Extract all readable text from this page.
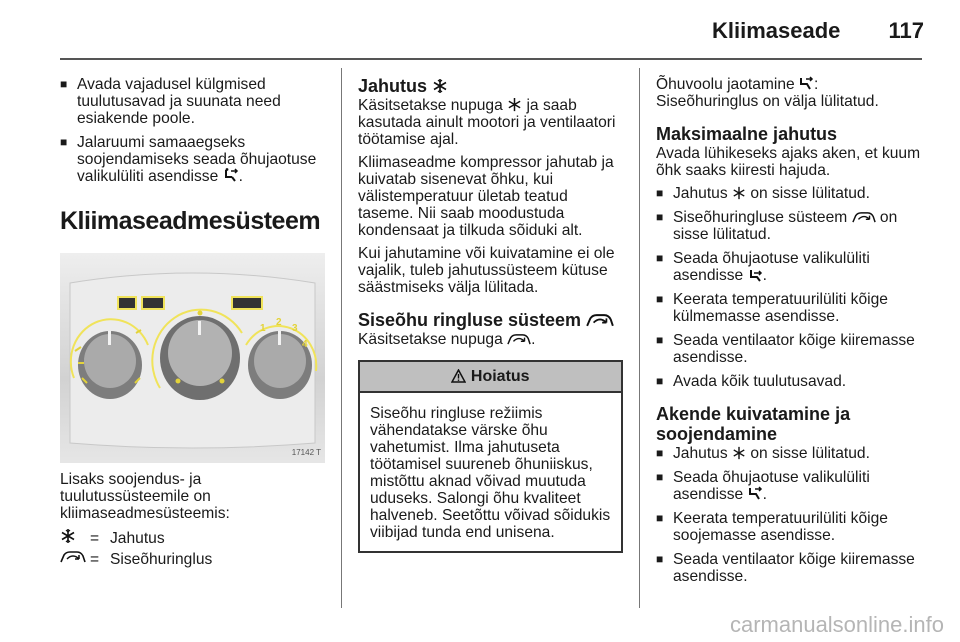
Kliimaseade 117
■ Avada vajadusel külgmised tuulutusavad ja suunata need esiakende poole.
■ Jalaruumi samaaegseks soojendamiseks seada õhujaotuse valikulüliti asendisse .
Kliimaseadmesüsteem
1
2
3
4
17142 T
Lisaks soojendus- ja tuulutussüsteemile on kliimaseadmesüsteemis:
= Jahutus
= Siseõhuringlus
Jahutus
Käsitsetakse nupuga ja saab kasutada ainult mootori ja ventilaatori töötamise ajal.
Kliimaseadme kompressor jahutab ja kuivatab sisenevat õhku, kui välistemperatuur ületab teatud taseme. Nii saab moodustuda kondensaat ja tilkuda sõiduki alt.
Kui jahutamine või kuivatamine ei ole vajalik, tuleb jahutussüsteem kütuse säästmiseks välja lülitada.
Siseõhu ringluse süsteem
Käsitsetakse nupuga .
Hoiatus
Siseõhu ringluse režiimis vähendatakse värske õhu vahetumist. Ilma jahutuseta töötamisel suureneb õhuniiskus, mistõttu aknad võivad muutuda uduseks. Salongi õhu kvaliteet halveneb. Seetõttu võivad sõidukis viibijad tunda end unisena.
Õhuvoolu jaotamine :
Siseõhuringlus on välja lülitatud.
Maksimaalne jahutus
Avada lühikeseks ajaks aken, et kuum õhk saaks kiiresti hajuda.
■ Jahutus on sisse lülitatud.
■ Siseõhuringluse süsteem on sisse lülitatud.
■ Seada õhujaotuse valikulüliti asendisse .
■ Keerata temperatuurilüliti kõige külmemasse asendisse.
■ Seada ventilaator kõige kiiremasse asendisse.
■ Avada kõik tuulutusavad.
Akende kuivatamine ja soojendamine
■ Jahutus on sisse lülitatud.
■ Seada õhujaotuse valikulüliti asendisse .
■ Keerata temperatuurilüliti kõige soojemasse asendisse.
■ Seada ventilaator kõige kiiremasse asendisse.
carmanualsonline.info
